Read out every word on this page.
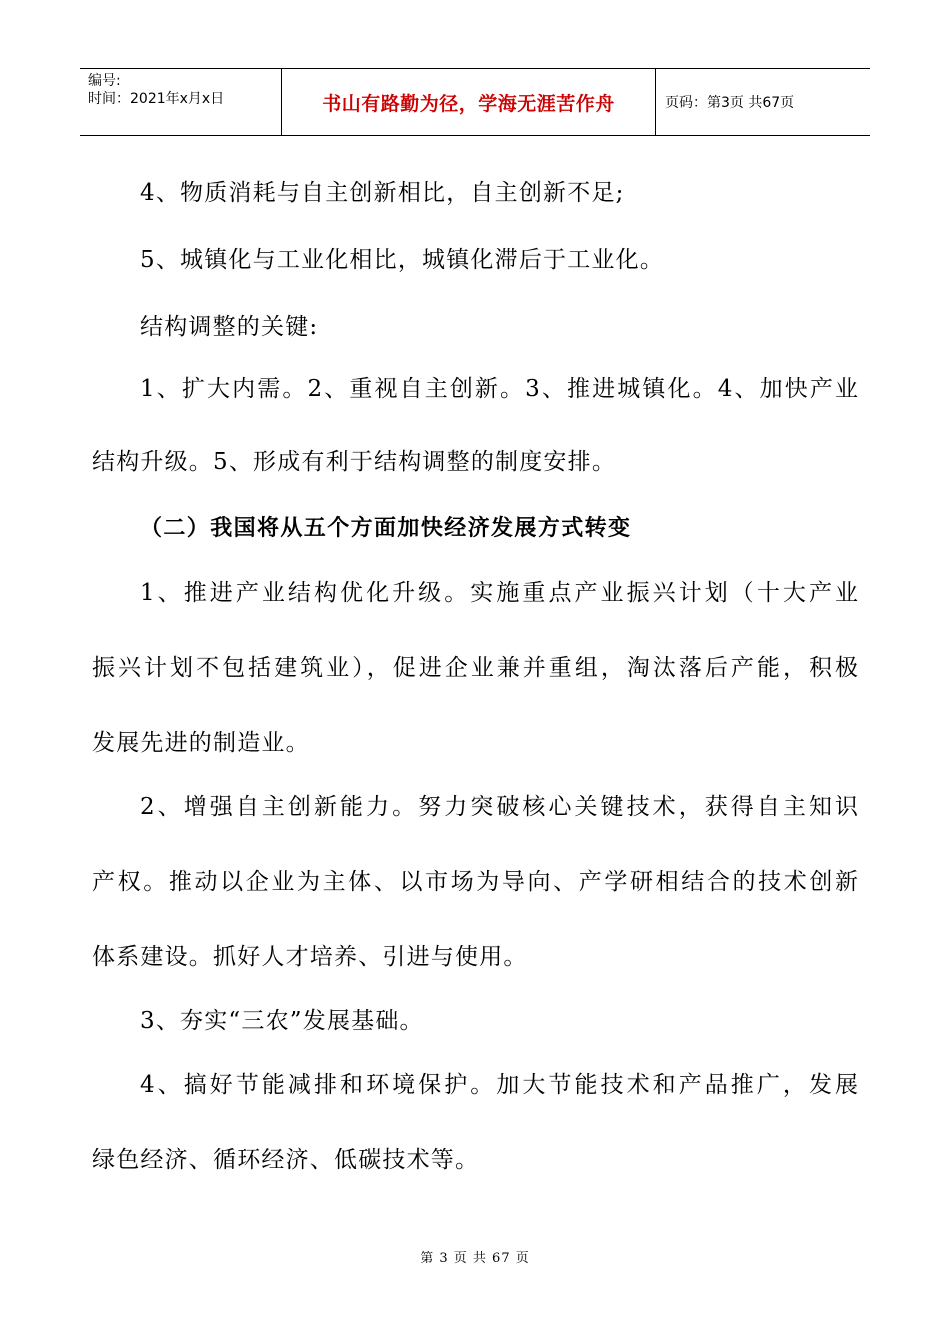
编号:
时间：2021年x月x日	书山有路勤为径，学海无涯苦作舟	页码：第3页 共67页
4、物质消耗与自主创新相比，自主创新不足;
5、城镇化与工业化相比，城镇化滞后于工业化。
结构调整的关键:
1、扩大内需。2、重视自主创新。3、推进城镇化。4、加快产业
结构升级。5、形成有利于结构调整的制度安排。
（二）我国将从五个方面加快经济发展方式转变
1、推进产业结构优化升级。实施重点产业振兴计划（十大产业
振兴计划不包括建筑业），促进企业兼并重组，淘汰落后产能，积极
发展先进的制造业。
2、增强自主创新能力。努力突破核心关键技术，获得自主知识
产权。推动以企业为主体、以市场为导向、产学研相结合的技术创新
体系建设。抓好人才培养、引进与使用。
3、夯实“三农”发展基础。
4、搞好节能减排和环境保护。加大节能技术和产品推广，发展
绿色经济、循环经济、低碳技术等。
第 3 页 共 67 页
